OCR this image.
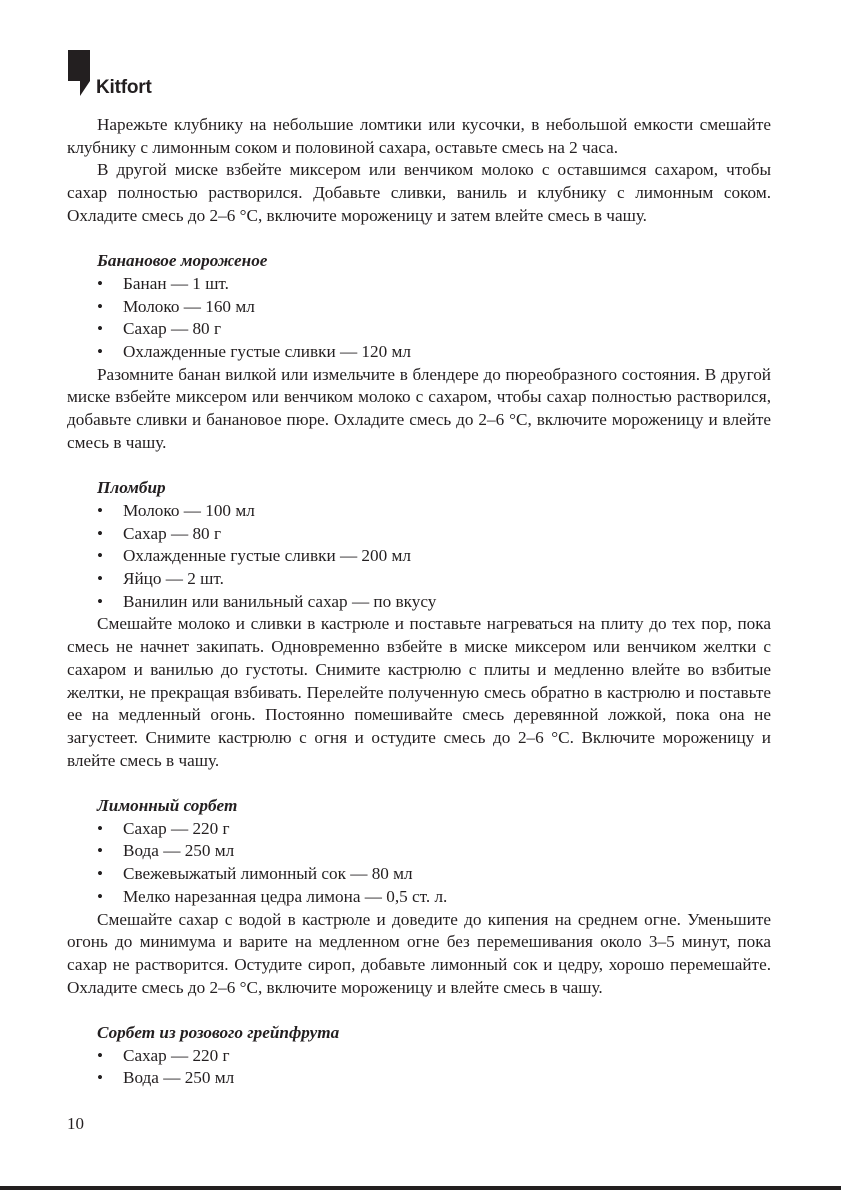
Kitfort

Нарежьте клубнику на небольшие ломтики или кусочки, в небольшой емкости смешайте клубнику с лимонным соком и половиной сахара, оставьте смесь на 2 часа.

В другой миске взбейте миксером или венчиком молоко с оставшимся сахаром, чтобы сахар полностью растворился. Добавьте сливки, ваниль и клубнику с лимонным соком. Охладите смесь до 2–6 °С, включите мороженицу и затем влейте смесь в чашу.

Банановое мороженое
• Банан — 1 шт.
• Молоко — 160 мл
• Сахар — 80 г
• Охлажденные густые сливки — 120 мл

Разомните банан вилкой или измельчите в блендере до пюреобразного состояния. В другой миске взбейте миксером или венчиком молоко с сахаром, чтобы сахар полностью растворился, добавьте сливки и банановое пюре. Охладите смесь до 2–6 °С, включите мороженицу и влейте смесь в чашу.

Пломбир
• Молоко — 100 мл
• Сахар — 80 г
• Охлажденные густые сливки — 200 мл
• Яйцо — 2 шт.
• Ванилин или ванильный сахар — по вкусу

Смешайте молоко и сливки в кастрюле и поставьте нагреваться на плиту до тех пор, пока смесь не начнет закипать. Одновременно взбейте в миске миксером или венчиком желтки с сахаром и ванилью до густоты. Снимите кастрюлю с плиты и медленно влейте во взбитые желтки, не прекращая взбивать. Перелейте полученную смесь обратно в кастрюлю и поставьте ее на медленный огонь. Постоянно помешивайте смесь деревянной ложкой, пока она не загустеет. Снимите кастрюлю с огня и остудите смесь до 2–6 °С. Включите мороженицу и влейте смесь в чашу.

Лимонный сорбет
• Сахар — 220 г
• Вода — 250 мл
• Свежевыжатый лимонный сок — 80 мл
• Мелко нарезанная цедра лимона — 0,5 ст. л.

Смешайте сахар с водой в кастрюле и доведите до кипения на среднем огне. Уменьшите огонь до минимума и варите на медленном огне без перемешивания около 3–5 минут, пока сахар не растворится. Остудите сироп, добавьте лимонный сок и цедру, хорошо перемешайте. Охладите смесь до 2–6 °С, включите мороженицу и влейте смесь в чашу.

Сорбет из розового грейпфрута
• Сахар — 220 г
• Вода — 250 мл
10
